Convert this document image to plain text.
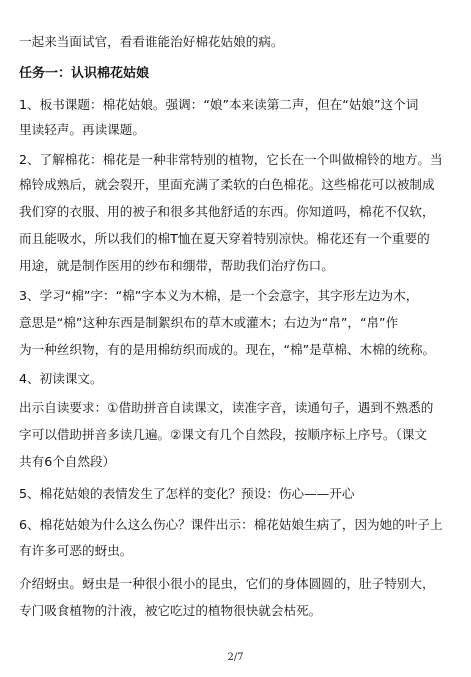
一起来当面试官，看看谁能治好棉花姑娘的病。
任务一：认识棉花姑娘
1、板书课题：棉花姑娘。强调：“娘”本来读第二声，但在“姑娘”这个词
里读轻声。再读课题。
2、了解棉花：棉花是一种非常特别的植物，它长在一个叫做棉铃的地方。当
棉铃成熟后，就会裂开，里面充满了柔软的白色棉花。这些棉花可以被制成
我们穿的衣服、用的被子和很多其他舒适的东西。你知道吗，棉花不仅软，
而且能吸水，所以我们的棉T恤在夏天穿着特别凉快。棉花还有一个重要的
用途，就是制作医用的纱布和绷带，帮助我们治疗伤口。
3、学习“棉”字：“棉”字本义为木棉，是一个会意字，其字形左边为木，
意思是“棉”这种东西是制絮织布的草木或灌木；右边为“帛”，“帛”作
为一种丝织物，有的是用棉纺织而成的。现在，“棉”是草棉、木棉的统称。
4、初读课文。
出示自读要求：①借助拼音自读课文，读准字音，读通句子，遇到不熟悉的
字可以借助拼音多读几遍。②课文有几个自然段，按顺序标上序号。（课文
共有6个自然段）
5、棉花姑娘的表情发生了怎样的变化？预设：伤心——开心
6、棉花姑娘为什么这么伤心？课件出示：棉花姑娘生病了，因为她的叶子上
有许多可恶的蚜虫。
介绍蚜虫。蚜虫是一种很小很小的昆虫，它们的身体圆圆的，肚子特别大，
专门吸食植物的汁液，被它吃过的植物很快就会枯死。
2/7
